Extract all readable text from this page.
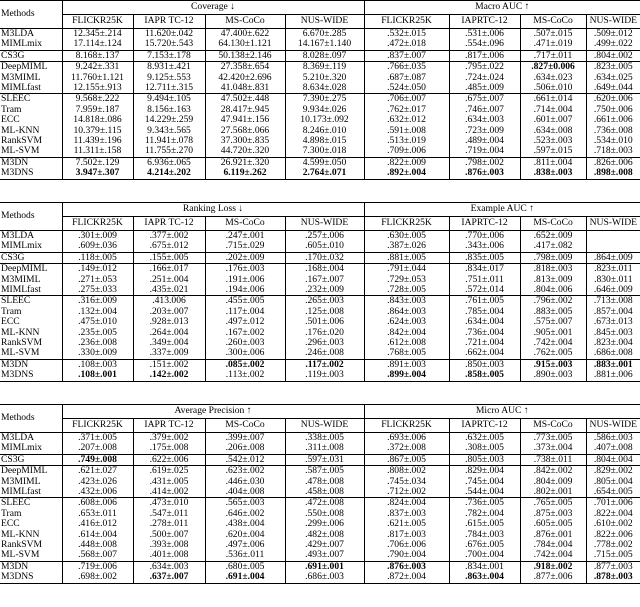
Methods	Coverage ↓				Macro AUC ↑			
	FLICKR25K	IAPR TC-12	MS-CoCo	NUS-WIDE	FLICKR25K	IAPRTC-12	MS-CoCo	NUS-WIDE
M3LDA	12.345±.214	11.620±.042	47.400±.622	6.670±.285	.532±.015	.531±.006	.507±.015	.509±.012
MIMLmix	17.114±.124	15.720±.543	64.130±1.121	14.167±1.140	.472±.018	.554±.096	.471±.019	.499±.022
CS3G	8.168±.137	7.153±.178	50.138±2.146	8.028±.097	.837±.007	.817±.006	.717±.011	.804±.002
DeepMIML	9.242±.331	8.931±.421	27.358±.654	8.369±.119	.766±.035	.795±.022	.827±0.006	.823±.005
M3MIML	11.760±1.121	9.125±.553	42.420±2.696	5.210±.320	.687±.087	.724±.024	.634±.023	.634±.025
MIMLfast	12.155±.913	12.711±.315	41.048±.831	8.634±.028	.524±.050	.485±.009	.506±.010	.649±.044
SLEEC	9.568±.222	9.494±.105	47.502±.448	7.390±.275	.706±.007	.675±.007	.661±.014	.620±.006
Tram	7.959±.187	8.156±.163	28.417±.945	9.934±.026	.762±.017	.746±.007	.714±.004	.750±.006
ECC	14.818±.086	14.229±.259	47.941±.156	10.173±.092	.632±.012	.634±.003	.601±.007	.661±.006
ML-KNN	10.379±.115	9.343±.565	27.568±.066	8.246±.010	.591±.008	.723±.009	.634±.008	.736±.008
RankSVM	11.439±.196	11.941±.078	37.300±.835	4.898±.015	.513±.019	.489±.004	.523±.003	.534±.010
ML-SVM	11.311±.158	11.755±.270	44.720±.320	7.300±.018	.709±.006	.719±.004	.597±.015	.718±.003
M3DN	7.502±.129	6.936±.065	26.921±.320	4.599±.050	.822±.009	.798±.002	.811±.004	.826±.006
M3DNS	3.947±.307	4.214±.202	6.119±.262	2.764±.071	.892±.004	.876±.003	.838±.003	.898±.008
Methods	Ranking Loss ↓				Example AUC ↑			
	FLICKR25K	IAPR TC-12	MS-CoCo	NUS-WIDE	FLICKR25K	IAPRTC-12	MS-CoCo	NUS-WIDE
M3LDA	.301±.009	.377±.002	.247±.001	.257±.006	.630±.005	.770±.006	.652±.009	
MIMLmix	.609±.036	.675±.012	.715±.029	.605±.010	.387±.026	.343±.006	.417±.082	
CS3G	.118±.005	.155±.005	.202±.009	.170±.032	.881±.005	.835±.005	.798±.009	.864±.009
DeepMIML	.149±.012	.166±.017	.176±.003	.168±.004	.791±.044	.834±.017	.818±.003	.823±.011
M3MIML	.271±.053	.251±.004	.191±.006	.167±.007	.729±.053	.751±.011	.813±.009	.830±.011
MIMLfast	.275±.033	.435±.021	.194±.006	.232±.009	.728±.005	.572±.014	.804±.006	.646±.009
SLEEC	.316±.009	.413.006	.455±.005	.265±.003	.843±.003	.761±.005	.796±.002	.713±.008
Tram	.132±.004	.203±.007	.117±.004	.125±.008	.864±.003	.785±.004	.883±.005	.857±.004
ECC	.475±.010	.928±.013	.497±.012	.501±.006	.624±.003	.634±.004	.575±.007	.673±.013
ML-KNN	.235±.005	.264±.004	.167±.002	.176±.020	.842±.004	.736±.004	.905±.001	.845±.003
RankSVM	.236±.008	.349±.004	.260±.003	.296±.003	.612±.008	.721±.004	.742±.004	.823±.004
ML-SVM	.330±.009	.337±.009	.300±.006	.246±.008	.768±.005	.662±.004	.762±.005	.686±.008
M3DN	.108±.003	.151±.002	.085±.002	.117±.002	.891±.003	.850±.003	.915±.003	.883±.001
M3DNS	.108±.001	.142±.002	.113±.002	.119±.003	.899±.004	.858±.005	.890±.003	.881±.006
Methods	Average Precision ↑				Micro AUC ↑			
	FLICKR25K	IAPR TC-12	MS-CoCo	NUS-WIDE	FLICKR25K	IAPRTC-12	MS-CoCo	NUS-WIDE
M3LDA	.371±.005	.379±.002	.399±.007	.338±.005	.693±.006	.632±.005	.773±.005	.586±.003
MIMLmix	.207±.008	.175±.008	.206±.008	.311±.008	.372±.008	.308±.005	.373±.004	.407±.008
CS3G	.749±.008	.622±.006	.542±.012	.597±.031	.867±.005	.805±.003	.738±.011	.804±.004
DeepMIML	.621±.027	.619±.025	.623±.002	.587±.005	.808±.002	.829±.004	.842±.002	.829±.002
M3MIML	.423±.026	.431±.005	.446±.030	.478±.008	.745±.034	.745±.004	.804±.009	.805±.004
MIMLfast	.432±.006	.414±.002	.404±.008	.458±.008	.712±.002	.544±.004	.802±.001	.654±.005
SLEEC	.608±.006	.473±.010	.565±.003	.472±.008	.824±.004	.736±.005	.765±.005	.701±.006
Tram	.653±.011	.547±.011	.646±.002	.550±.008	.837±.003	.782±.004	.875±.003	.822±.004
ECC	.416±.012	.278±.011	.438±.004	.299±.006	.621±.005	.615±.005	.605±.005	.610±.002
ML-KNN	.614±.004	.500±.007	.620±.004	.482±.008	.817±.003	.784±.003	.876±.001	.822±.006
RankSVM	.448±.008	.393±.008	.497±.006	.429±.007	.706±.006	.676±.005	.784±.004	.778±.002
ML-SVM	.568±.007	.401±.008	.536±.011	.493±.007	.790±.004	.700±.004	.742±.004	.715±.005
M3DN	.719±.006	.634±.003	.680±.005	.691±.001	.876±.003	.834±.001	.918±.002	.877±.003
M3DNS	.698±.002	.637±.007	.691±.004	.686±.003	.872±.004	.863±.004	.877±.006	.878±.003
